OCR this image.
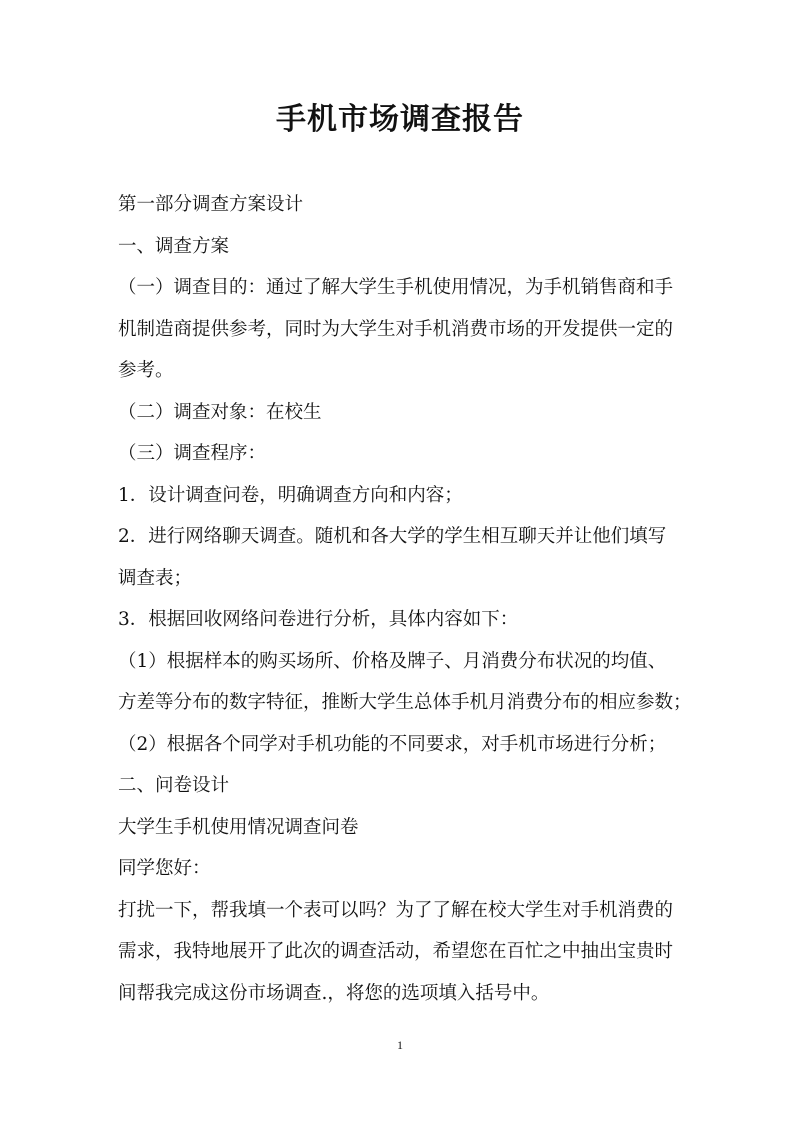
手机市场调查报告
第一部分调查方案设计
一、调查方案
（一）调查目的：通过了解大学生手机使用情况，为手机销售商和手
机制造商提供参考，同时为大学生对手机消费市场的开发提供一定的
参考。
（二）调查对象：在校生
（三）调查程序：
1．设计调查问卷，明确调查方向和内容；
2．进行网络聊天调查。随机和各大学的学生相互聊天并让他们填写
调查表；
3．根据回收网络问卷进行分析，具体内容如下：
（1）根据样本的购买场所、价格及牌子、月消费分布状况的均值、
方差等分布的数字特征，推断大学生总体手机月消费分布的相应参数；
（2）根据各个同学对手机功能的不同要求，对手机市场进行分析；
二、问卷设计
大学生手机使用情况调查问卷
同学您好：
打扰一下，帮我填一个表可以吗？为了了解在校大学生对手机消费的
需求，我特地展开了此次的调查活动，希望您在百忙之中抽出宝贵时
间帮我完成这份市场调查.，将您的选项填入括号中。
1
